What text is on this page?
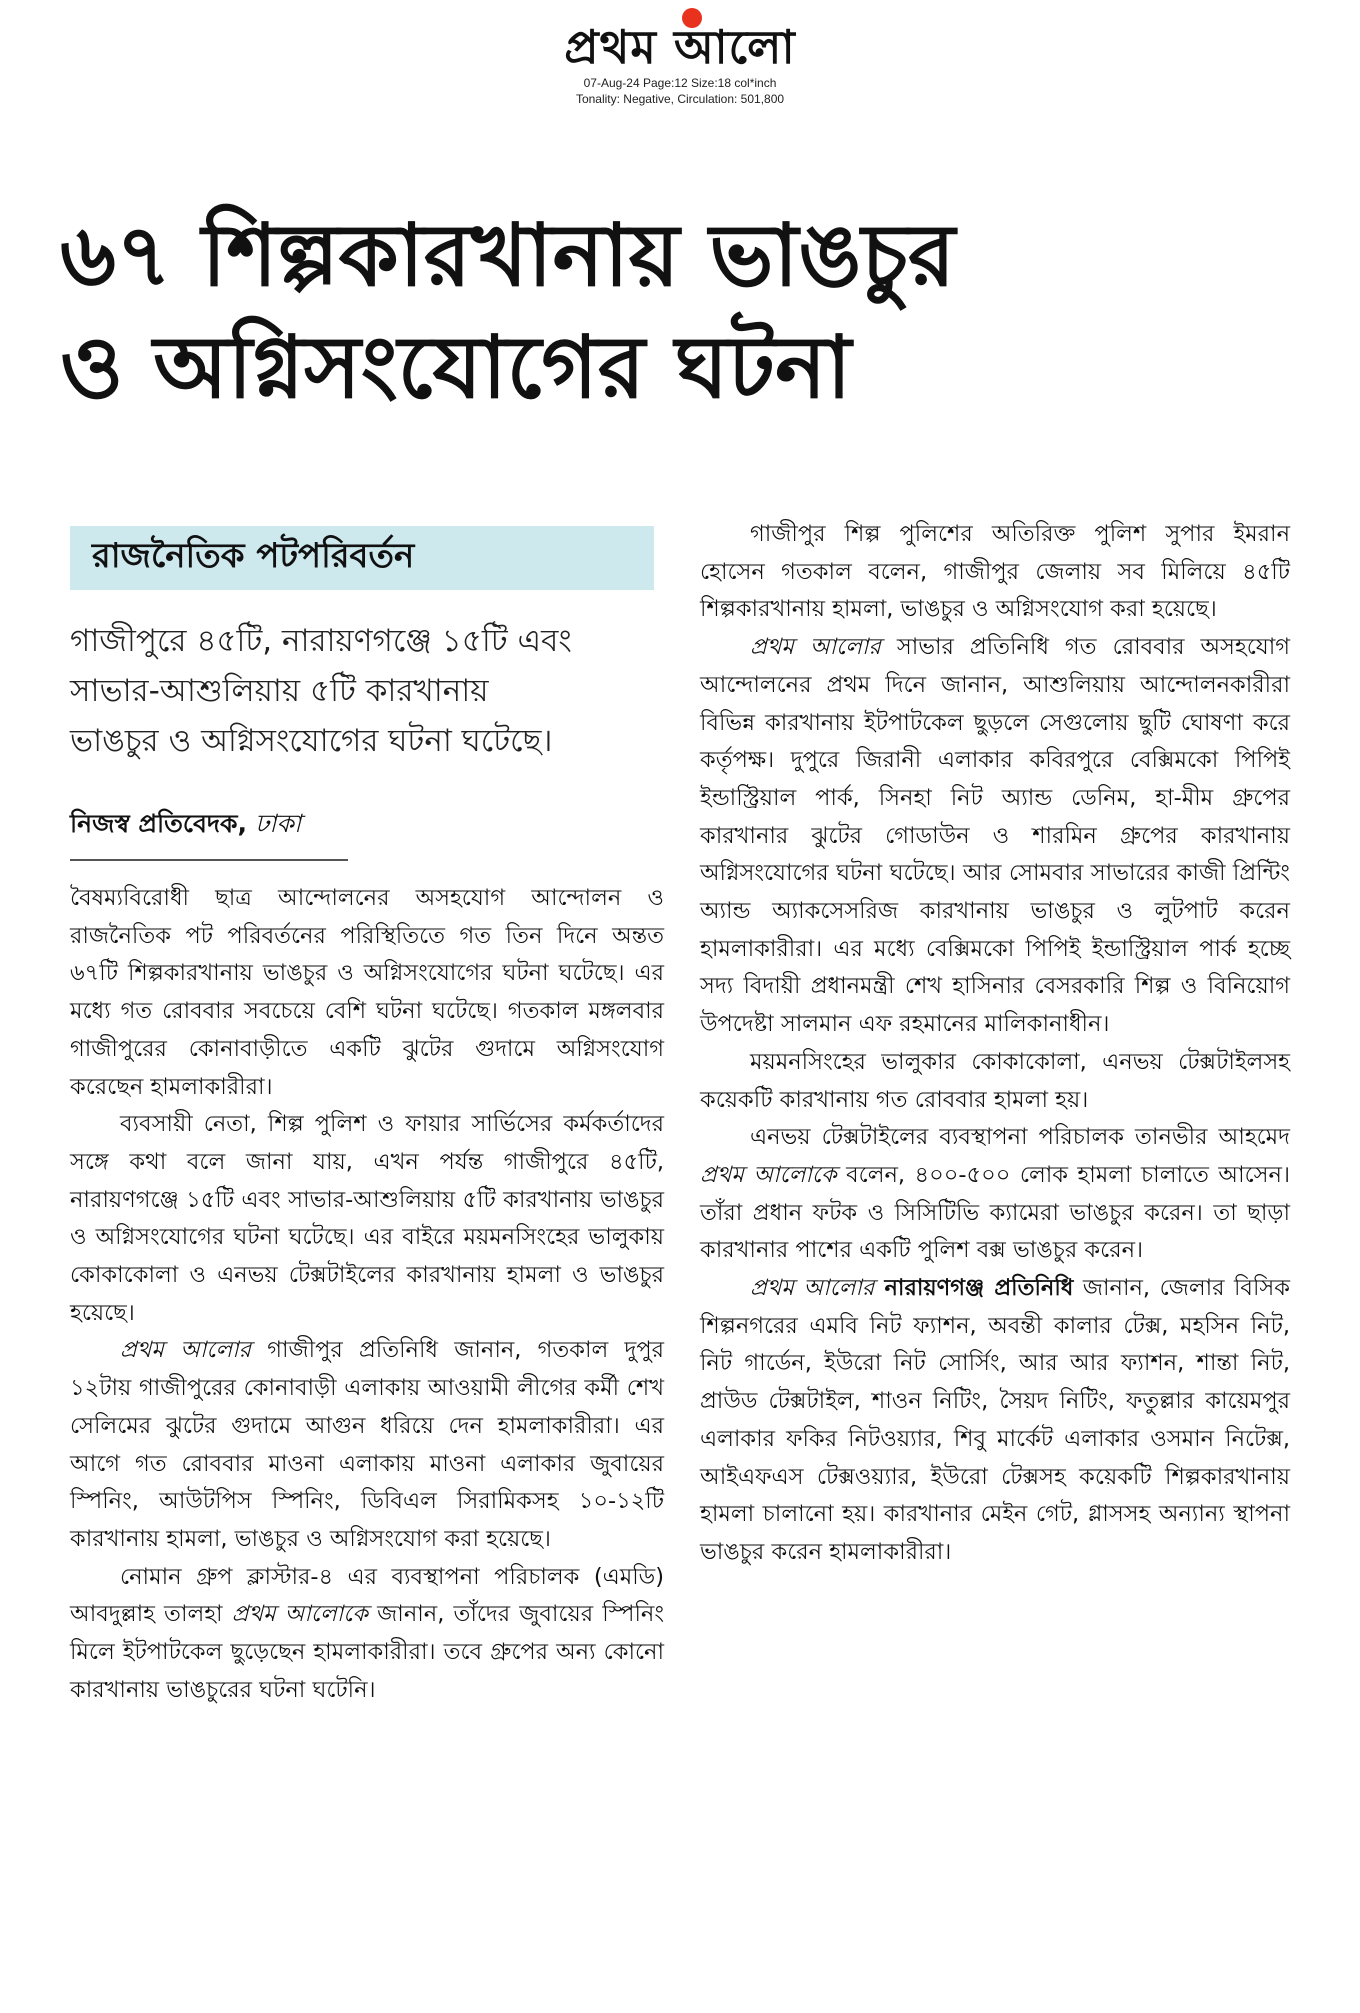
প্রথম আলো
07-Aug-24 Page:12 Size:18 col*inch
Tonality: Negative, Circulation: 501,800
৬৭ শিল্পকারখানায় ভাঙচুর
ও অগ্নিসংযোগের ঘটনা
রাজনৈতিক পটপরিবর্তন
গাজীপুরে ৪৫টি, নারায়ণগঞ্জে ১৫টি এবং
সাভার-আশুলিয়ায় ৫টি কারখানায়
ভাঙচুর ও অগ্নিসংযোগের ঘটনা ঘটেছে।
নিজস্ব প্রতিবেদক, ঢাকা

বৈষম্যবিরোধী ছাত্র আন্দোলনের অসহযোগ আন্দোলন ও রাজনৈতিক পট পরিবর্তনের পরিস্থিতিতে গত তিন দিনে অন্তত ৬৭টি শিল্পকারখানায় ভাঙচুর ও অগ্নিসংযোগের ঘটনা ঘটেছে। এর মধ্যে গত রোববার সবচেয়ে বেশি ঘটনা ঘটেছে। গতকাল মঙ্গলবার গাজীপুরের কোনাবাড়ীতে একটি ঝুটের গুদামে অগ্নিসংযোগ করেছেন হামলাকারীরা।

ব্যবসায়ী নেতা, শিল্প পুলিশ ও ফায়ার সার্ভিসের কর্মকর্তাদের সঙ্গে কথা বলে জানা যায়, এখন পর্যন্ত গাজীপুরে ৪৫টি, নারায়ণগঞ্জে ১৫টি এবং সাভার-আশুলিয়ায় ৫টি কারখানায় ভাঙচুর ও অগ্নিসংযোগের ঘটনা ঘটেছে। এর বাইরে ময়মনসিংহের ভালুকায় কোকাকোলা ও এনভয় টেক্সটাইলের কারখানায় হামলা ও ভাঙচুর হয়েছে।

প্রথম আলোর গাজীপুর প্রতিনিধি জানান, গতকাল দুপুর ১২টায় গাজীপুরের কোনাবাড়ী এলাকায় আওয়ামী লীগের কর্মী শেখ সেলিমের ঝুটের গুদামে আগুন ধরিয়ে দেন হামলাকারীরা। এর আগে গত রোববার মাওনা এলাকায় মাওনা এলাকার জুবায়ের স্পিনিং, আউটপিস স্পিনিং, ডিবিএল সিরামিকসহ ১০-১২টি কারখানায় হামলা, ভাঙচুর ও অগ্নিসংযোগ করা হয়েছে।

নোমান গ্রুপ ক্লাস্টার-৪ এর ব্যবস্থাপনা পরিচালক (এমডি) আবদুল্লাহ তালহা প্রথম আলোকে জানান, তাঁদের জুবায়ের স্পিনিং মিলে ইটপাটকেল ছুড়েছেন হামলাকারীরা। তবে গ্রুপের অন্য কোনো কারখানায় ভাঙচুরের ঘটনা ঘটেনি।

গাজীপুর শিল্প পুলিশের অতিরিক্ত পুলিশ সুপার ইমরান হোসেন গতকাল বলেন, গাজীপুর জেলায় সব মিলিয়ে ৪৫টি শিল্পকারখানায় হামলা, ভাঙচুর ও অগ্নিসংযোগ করা হয়েছে।

প্রথম আলোর সাভার প্রতিনিধি গত রোববার অসহযোগ আন্দোলনের প্রথম দিনে জানান, আশুলিয়ায় আন্দোলনকারীরা বিভিন্ন কারখানায় ইটপাটকেল ছুড়লে সেগুলোয় ছুটি ঘোষণা করে কর্তৃপক্ষ। দুপুরে জিরানী এলাকার কবিরপুরে বেক্সিমকো পিপিই ইন্ডাস্ট্রিয়াল পার্ক, সিনহা নিট অ্যান্ড ডেনিম, হা-মীম গ্রুপের কারখানার ঝুটের গোডাউন ও শারমিন গ্রুপের কারখানায় অগ্নিসংযোগের ঘটনা ঘটেছে। আর সোমবার সাভারের কাজী প্রিন্টিং অ্যান্ড অ্যাকসেসরিজ কারখানায় ভাঙচুর ও লুটপাট করেন হামলাকারীরা। এর মধ্যে বেক্সিমকো পিপিই ইন্ডাস্ট্রিয়াল পার্ক হচ্ছে সদ্য বিদায়ী প্রধানমন্ত্রী শেখ হাসিনার বেসরকারি শিল্প ও বিনিয়োগ উপদেষ্টা সালমান এফ রহমানের মালিকানাধীন।

ময়মনসিংহের ভালুকার কোকাকোলা, এনভয় টেক্সটাইলসহ কয়েকটি কারখানায় গত রোববার হামলা হয়।

এনভয় টেক্সটাইলের ব্যবস্থাপনা পরিচালক তানভীর আহমেদ প্রথম আলোকে বলেন, ৪০০-৫০০ লোক হামলা চালাতে আসেন। তাঁরা প্রধান ফটক ও সিসিটিভি ক্যামেরা ভাঙচুর করেন। তা ছাড়া কারখানার পাশের একটি পুলিশ বক্স ভাঙচুর করেন।

প্রথম আলোর নারায়ণগঞ্জ প্রতিনিধি জানান, জেলার বিসিক শিল্পনগরের এমবি নিট ফ্যাশন, অবন্তী কালার টেক্স, মহসিন নিট, নিট গার্ডেন, ইউরো নিট সোর্সিং, আর আর ফ্যাশন, শান্তা নিট, প্রাউড টেক্সটাইল, শাওন নিটিং, সৈয়দ নিটিং, ফতুল্লার কায়েমপুর এলাকার ফকির নিটওয়্যার, শিবু মার্কেট এলাকার ওসমান নিটেক্স, আইএফএস টেক্সওয়্যার, ইউরো টেক্সসহ কয়েকটি শিল্পকারখানায় হামলা চালানো হয়। কারখানার মেইন গেট, গ্লাসসহ অন্যান্য স্থাপনা ভাঙচুর করেন হামলাকারীরা।
